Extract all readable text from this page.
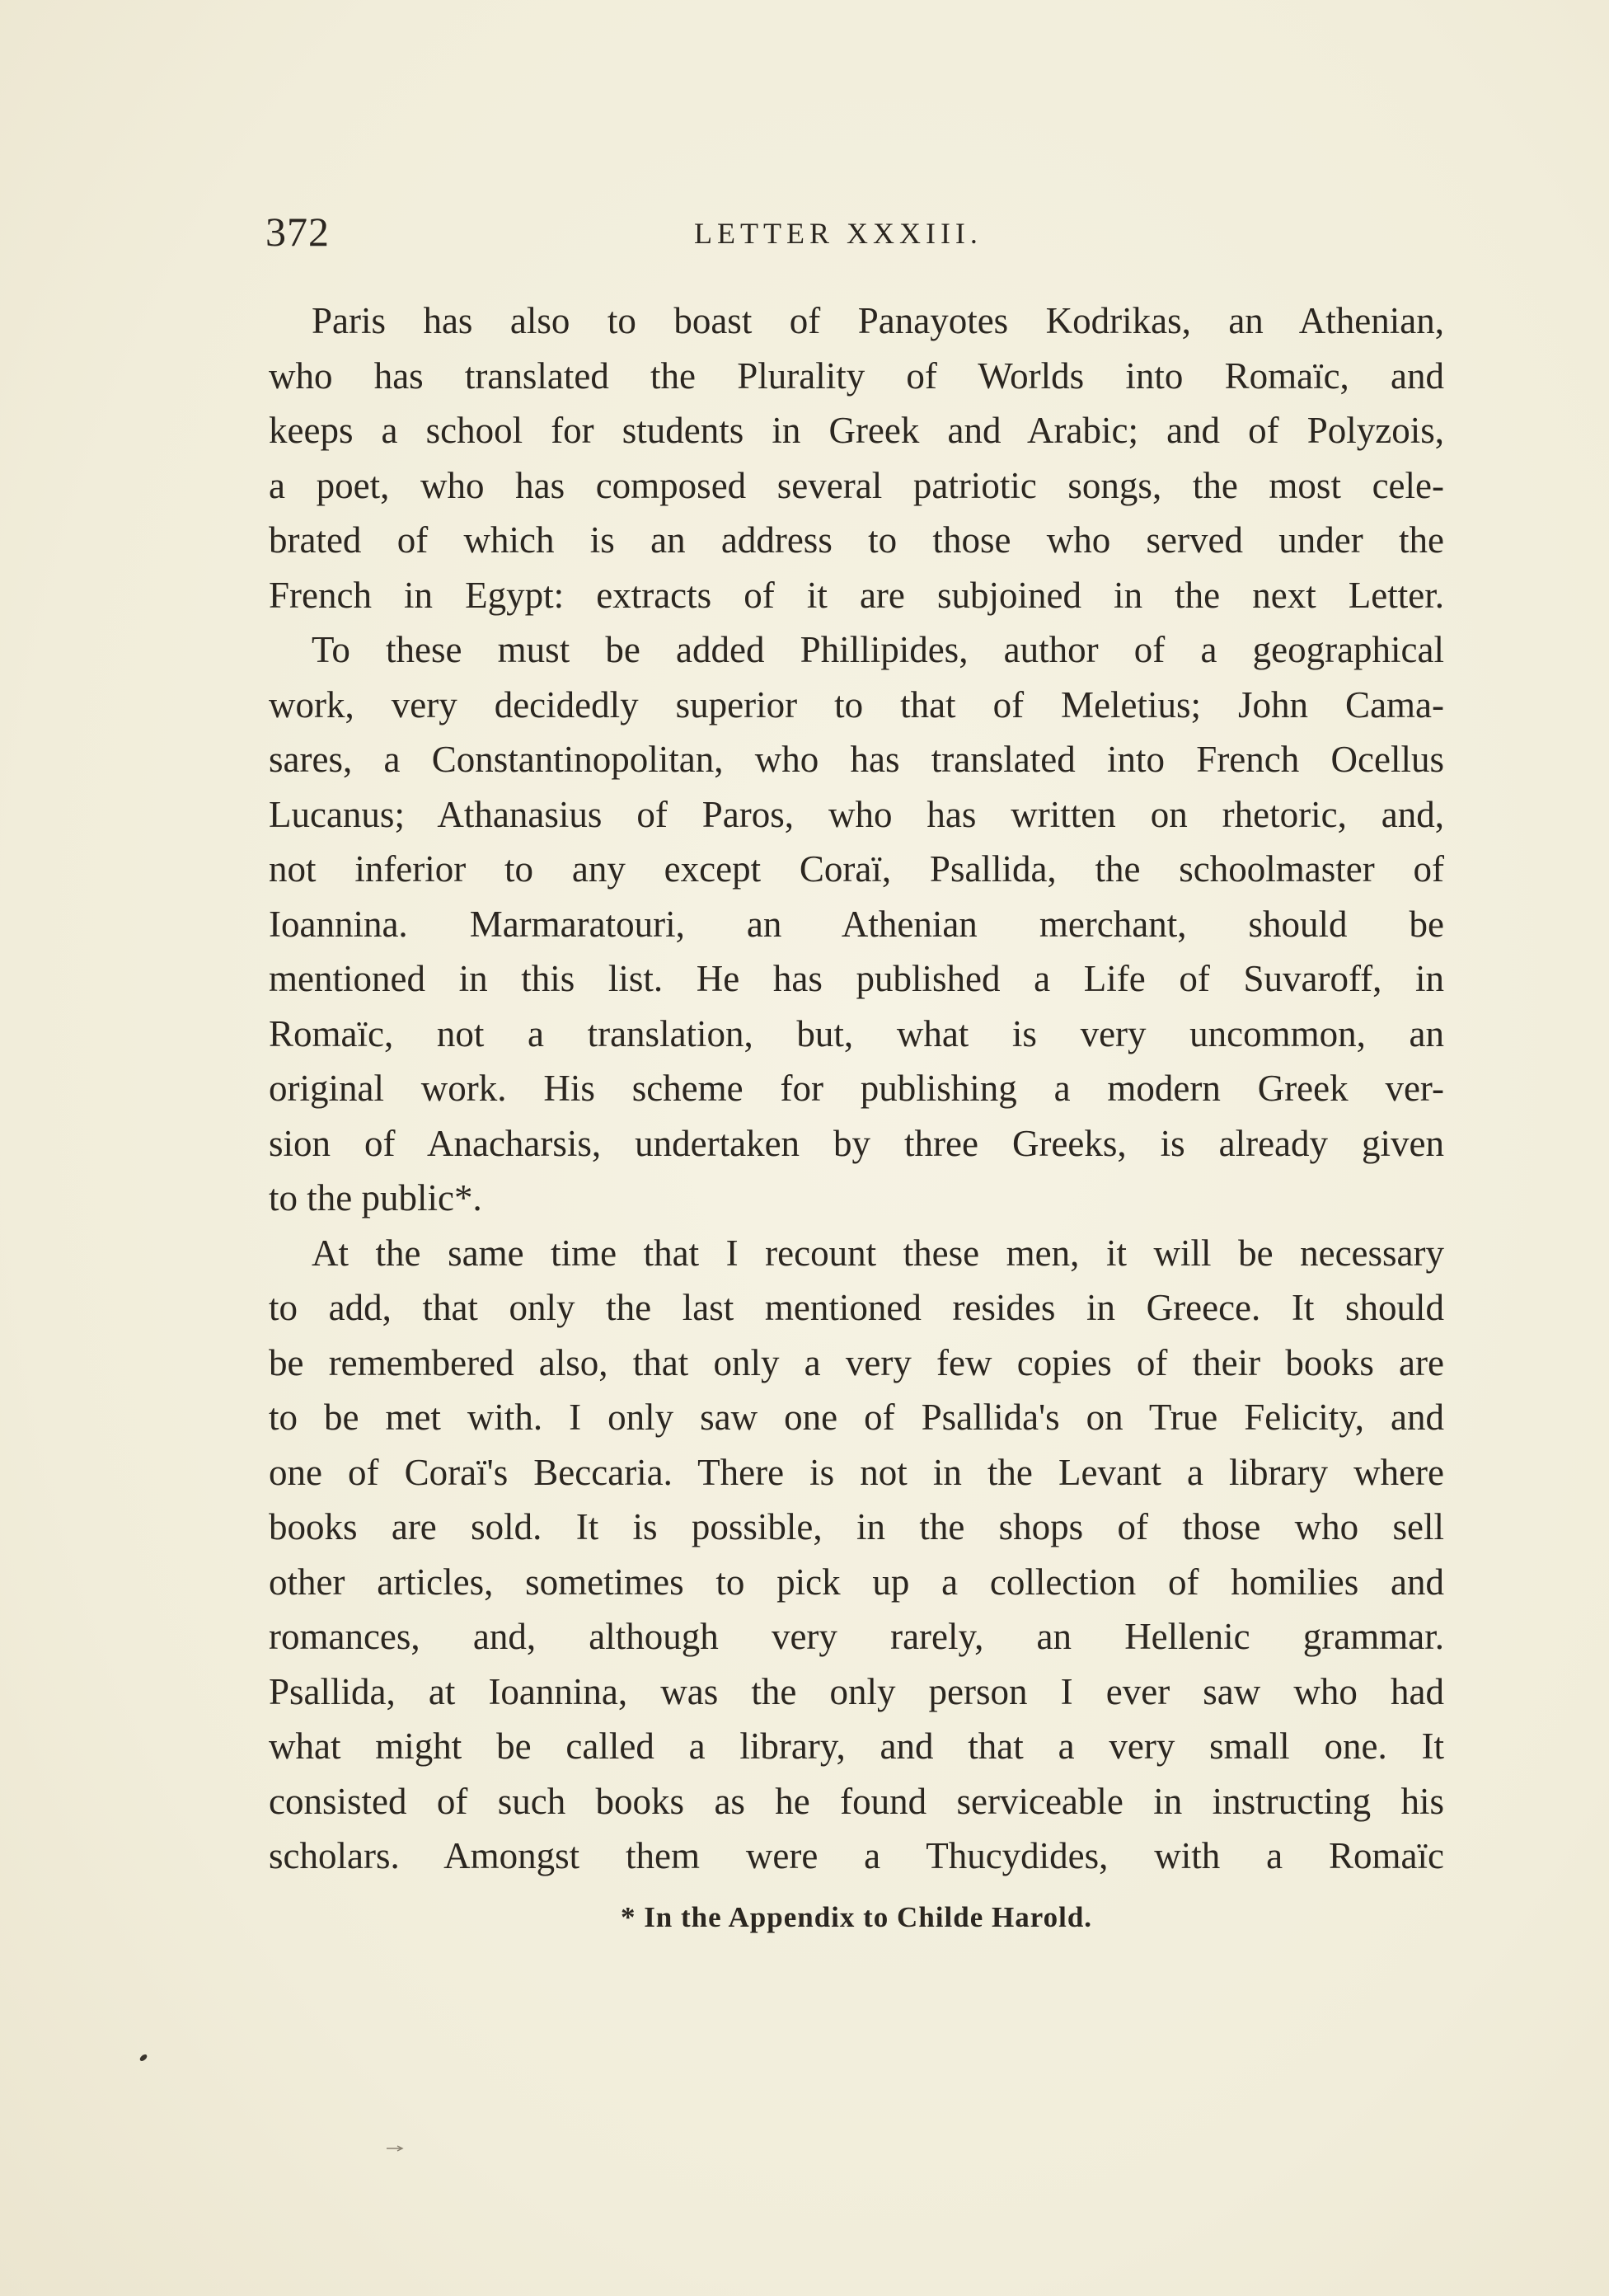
372	LETTER XXXIII.
Paris has also to boast of Panayotes Kodrikas, an Athenian,
who has translated the Plurality of Worlds into Romaïc, and
keeps a school for students in Greek and Arabic; and of Polyzois,
a poet, who has composed several patriotic songs, the most cele-
brated of which is an address to those who served under the
French in Egypt: extracts of it are subjoined in the next Letter.
To these must be added Phillipides, author of a geographical
work, very decidedly superior to that of Meletius; John Cama-
sares, a Constantinopolitan, who has translated into French Ocellus
Lucanus; Athanasius of Paros, who has written on rhetoric, and,
not inferior to any except Coraï, Psallida, the schoolmaster of
Ioannina. Marmaratouri, an Athenian merchant, should be
mentioned in this list. He has published a Life of Suvaroff, in
Romaïc, not a translation, but, what is very uncommon, an
original work. His scheme for publishing a modern Greek ver-
sion of Anacharsis, undertaken by three Greeks, is already given
to the public*.
At the same time that I recount these men, it will be necessary
to add, that only the last mentioned resides in Greece. It should
be remembered also, that only a very few copies of their books are
to be met with. I only saw one of Psallida's on True Felicity, and
one of Coraï's Beccaria. There is not in the Levant a library where
books are sold. It is possible, in the shops of those who sell
other articles, sometimes to pick up a collection of homilies and
romances, and, although very rarely, an Hellenic grammar.
Psallida, at Ioannina, was the only person I ever saw who had
what might be called a library, and that a very small one. It
consisted of such books as he found serviceable in instructing his
scholars. Amongst them were a Thucydides, with a Romaïc
* In the Appendix to Childe Harold.
